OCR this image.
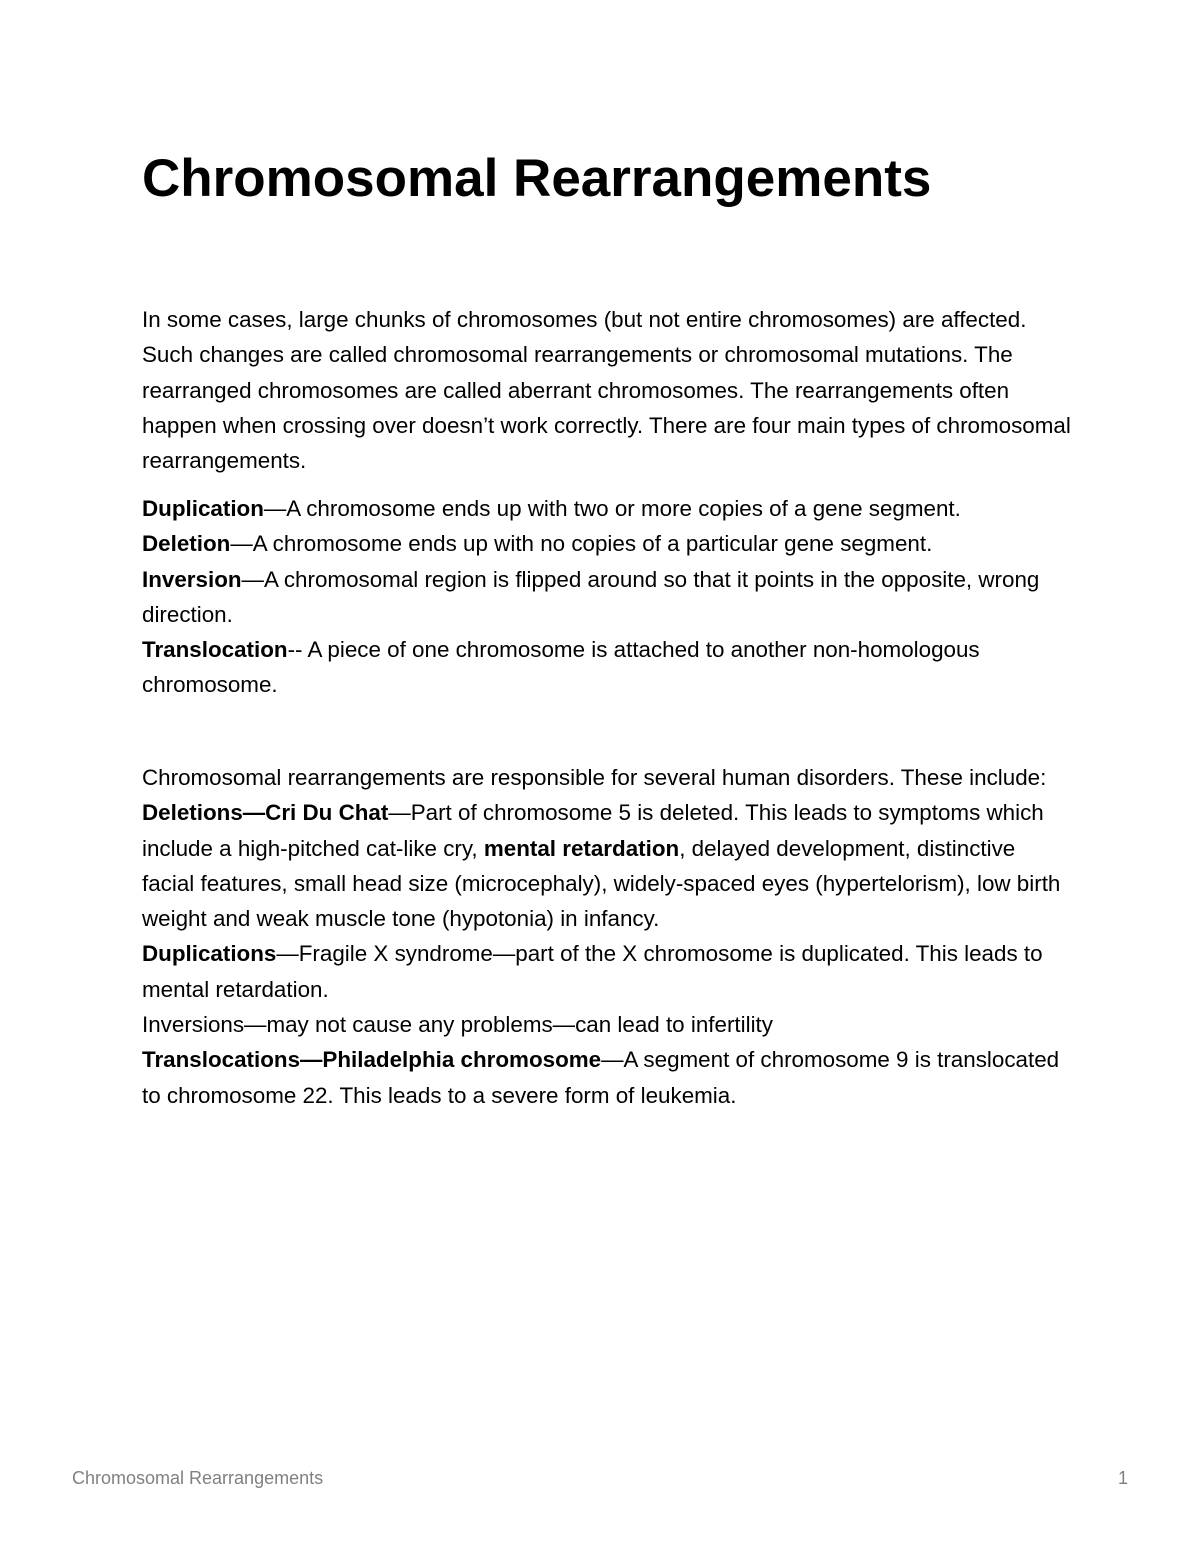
Chromosomal Rearrangements

In some cases, large chunks of chromosomes (but not entire chromosomes) are affected. Such changes are called chromosomal rearrangements or chromosomal mutations. The rearranged chromosomes are called aberrant chromosomes. The rearrangements often happen when crossing over doesn’t work correctly. There are four main types of chromosomal rearrangements.

Duplication—A chromosome ends up with two or more copies of a gene segment.

Deletion—A chromosome ends up with no copies of a particular gene segment.

Inversion—A chromosomal region is flipped around so that it points in the opposite, wrong direction.

Translocation-- A piece of one chromosome is attached to another non-homologous chromosome.

Chromosomal rearrangements are responsible for several human disorders. These include:

Deletions—Cri Du Chat—Part of chromosome 5 is deleted. This leads to symptoms which include a high-pitched cat-like cry, mental retardation, delayed development, distinctive facial features, small head size (microcephaly), widely-spaced eyes (hypertelorism), low birth weight and weak muscle tone (hypotonia) in infancy.

Duplications—Fragile X syndrome—part of the X chromosome is duplicated. This leads to mental retardation.

Inversions—may not cause any problems—can lead to infertility

Translocations—Philadelphia chromosome—A segment of chromosome 9 is translocated to chromosome 22. This leads to a severe form of leukemia.

Chromosomal Rearrangements	1
